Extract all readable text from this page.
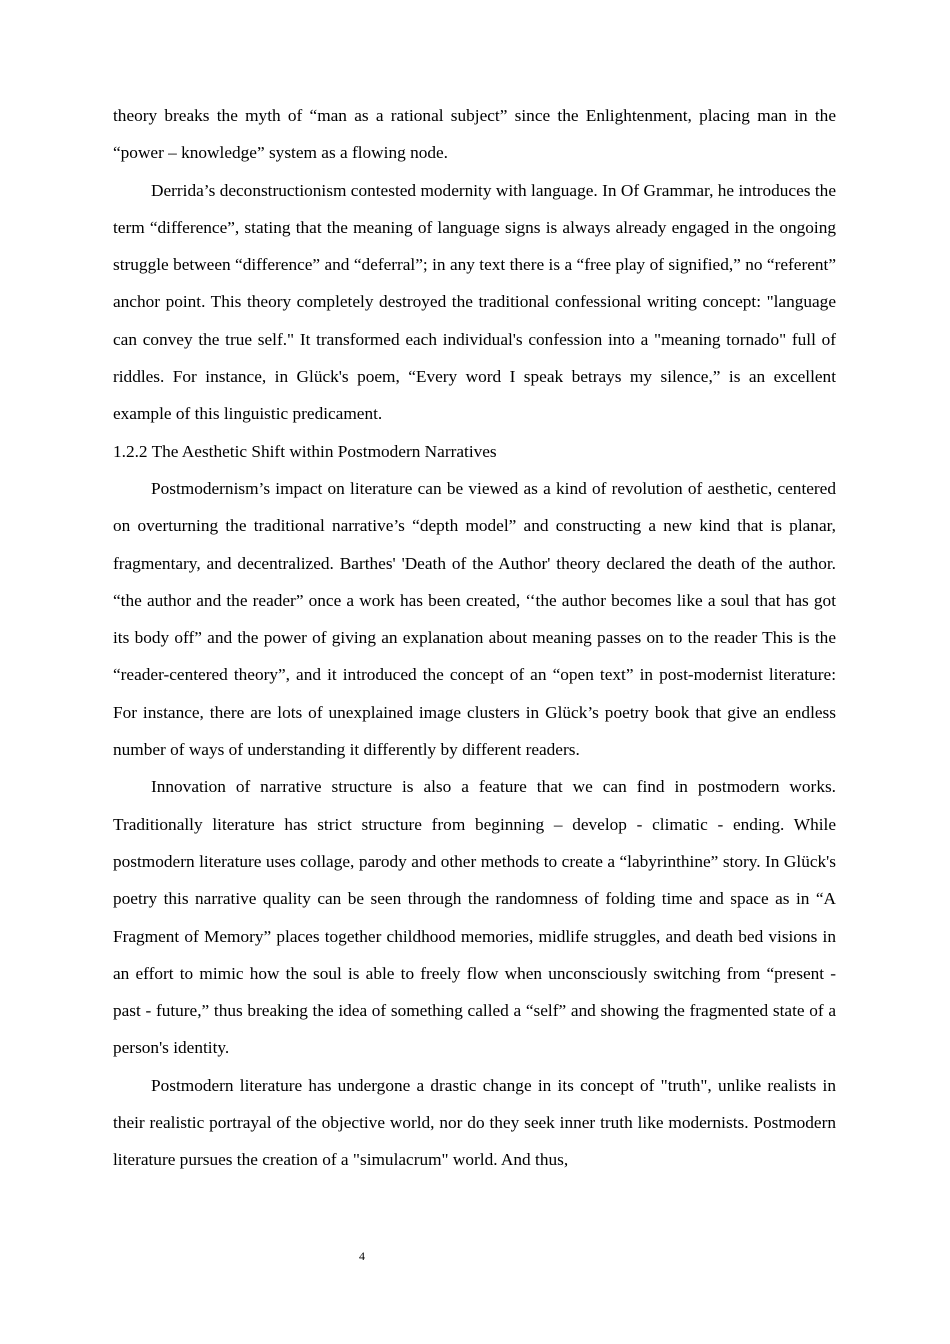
theory breaks the myth of “man as a rational subject” since the Enlightenment, placing man in the “power – knowledge” system as a flowing node.

Derrida’s deconstructionism contested modernity with language. In Of Grammar, he introduces the term “difference”, stating that the meaning of language signs is always already engaged in the ongoing struggle between “difference” and “deferral”; in any text there is a “free play of signified,” no “referent” anchor point. This theory completely destroyed the traditional confessional writing concept: "language can convey the true self." It transformed each individual's confession into a "meaning tornado" full of riddles. For instance, in Glück's poem, “Every word I speak betrays my silence,” is an excellent example of this linguistic predicament.

1.2.2 The Aesthetic Shift within Postmodern Narratives

Postmodernism’s impact on literature can be viewed as a kind of revolution of aesthetic, centered on overturning the traditional narrative’s “depth model” and constructing a new kind that is planar, fragmentary, and decentralized. Barthes' 'Death of the Author' theory declared the death of the author. “the author and the reader” once a work has been created, ‘‘the author becomes like a soul that has got its body off” and the power of giving an explanation about meaning passes on to the reader This is the “reader-centered theory”, and it introduced the concept of an “open text” in post-modernist literature: For instance, there are lots of unexplained image clusters in Glück’s poetry book that give an endless number of ways of understanding it differently by different readers.

Innovation of narrative structure is also a feature that we can find in postmodern works. Traditionally literature has strict structure from beginning – develop - climatic - ending. While postmodern literature uses collage, parody and other methods to create a “labyrinthine” story. In Glück's poetry this narrative quality can be seen through the randomness of folding time and space as in “A Fragment of Memory” places together childhood memories, midlife struggles, and death bed visions in an effort to mimic how the soul is able to freely flow when unconsciously switching from “present - past - future,” thus breaking the idea of something called a “self” and showing the fragmented state of a person's identity.

Postmodern literature has undergone a drastic change in its concept of "truth", unlike realists in their realistic portrayal of the objective world, nor do they seek inner truth like modernists. Postmodern literature pursues the creation of a "simulacrum" world. And thus,

4
